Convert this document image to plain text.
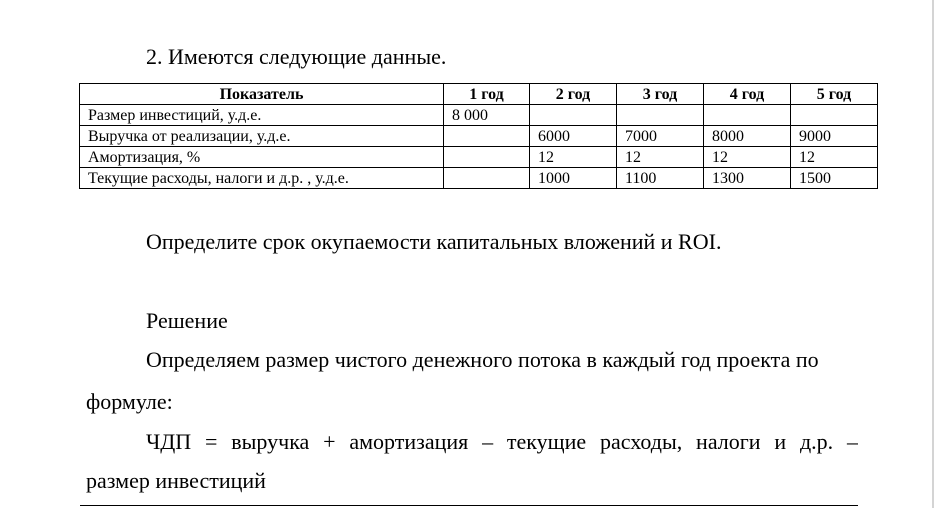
2. Имеются следующие данные.
Показатель	1 год	2 год	3 год	4 год	5 год
Размер инвестиций, у.д.е.	8 000				
Выручка от реализации, у.д.е.		6000	7000	8000	9000
Амортизация, %		12	12	12	12
Текущие расходы, налоги и д.р. , у.д.е.		1000	1100	1300	1500
Определите срок окупаемости капитальных вложений и ROI.
Решение
Определяем размер чистого денежного потока в каждый год проекта по
формуле:
ЧДП = выручка + амортизация – текущие расходы, налоги и д.р. –
размер инвестиций
